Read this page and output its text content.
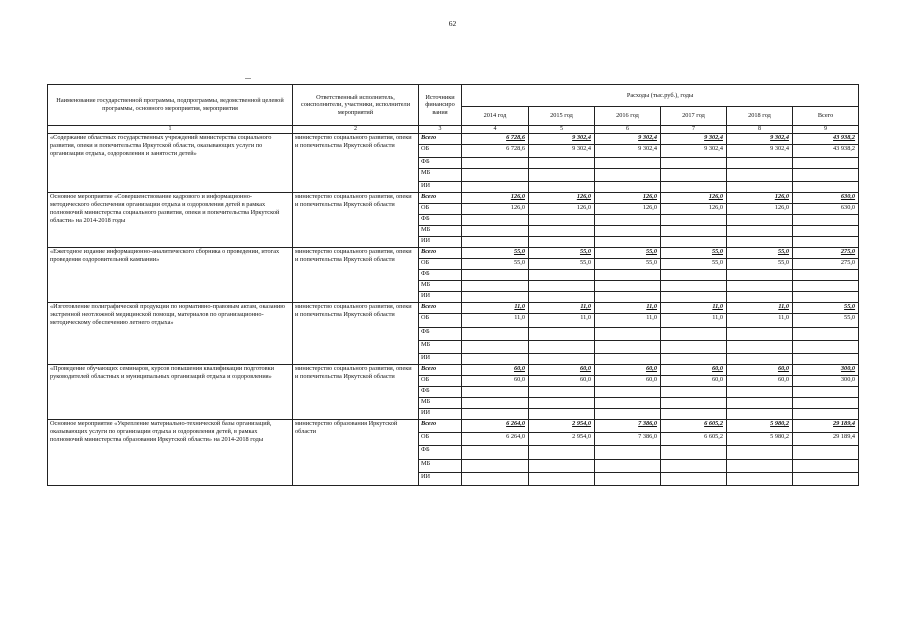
62
Наименование государственной программы, подпрограммы, ведомственной целевой программы, основного мероприятия, мероприятия	Ответственный исполнитель, соисполнители, участники, исполнители мероприятий	Источники финансиро вания	Расходы (тыс.руб.), годы					
			2014 год	2015 год	2016 год	2017 год	2018 год	Всего
1	2	3	4	5	6	7	8	9
«Содержание областных государственных учреждений министерства социального развития, опеки и попечительства Иркутской области, оказывающих услуги по организации отдыха, оздоровления и занятости детей»	министерство социального развития, опеки и попечительства Иркутской области	Всего	6 728,6	9 302,4	9 302,4	9 302,4	9 302,4	43 938,2
		ОБ	6 728,6	9 302,4	9 302,4	9 302,4	9 302,4	43 938,2
		ФБ						
		МБ						
		ИИ						
Основное мероприятие «Совершенствование кадрового и информационно-методического обеспечения организации отдыха и оздоровления детей в рамках полномочий министерства социального развития, опеки и попечительства Иркутской области» на 2014-2018 годы	министерство социального развития, опеки и попечительства Иркутской области	Всего	126,0	126,0	126,0	126,0	126,0	630,0
		ОБ	126,0	126,0	126,0	126,0	126,0	630,0
		ФБ						
		МБ						
		ИИ						
«Ежегодное издание информационно-аналитического сборника о проведении, итогах проведения оздоровительной кампании»	министерство социального развития, опеки и попечительства Иркутской области	Всего	55,0	55,0	55,0	55,0	55,0	275,0
		ОБ	55,0	55,0	55,0	55,0	55,0	275,0
		ФБ						
		МБ						
		ИИ						
«Изготовление полиграфической продукции по нормативно-правовым актам, оказанию экстренной неотложной медицинской помощи, материалов по организационно-методическому обеспечению летнего отдыха»	министерство социального развития, опеки и попечительства Иркутской области	Всего	11,0	11,0	11,0	11,0	11,0	55,0
		ОБ	11,0	11,0	11,0	11,0	11,0	55,0
		ФБ						
		МБ						
		ИИ						
«Проведение обучающих семинаров, курсов повышения квалификации подготовки руководителей областных и муниципальных организаций отдыха и оздоровления»	министерство социального развития, опеки и попечительства Иркутской области	Всего	60,0	60,0	60,0	60,0	60,0	300,0
		ОБ	60,0	60,0	60,0	60,0	60,0	300,0
		ФБ						
		МБ						
		ИИ						
Основное мероприятие «Укрепление материально-технической базы организаций, оказывающих услуги по организации отдыха и оздоровления детей, в рамках полномочий министерства образования Иркутской области» на 2014-2018 годы	министерство образования Иркутской области	Всего	6 264,0	2 954,0	7 386,0	6 605,2	5 980,2	29 189,4
		ОБ	6 264,0	2 954,0	7 386,0	6 605,2	5 980,2	29 189,4
		ФБ						
		МБ						
		ИИ						
